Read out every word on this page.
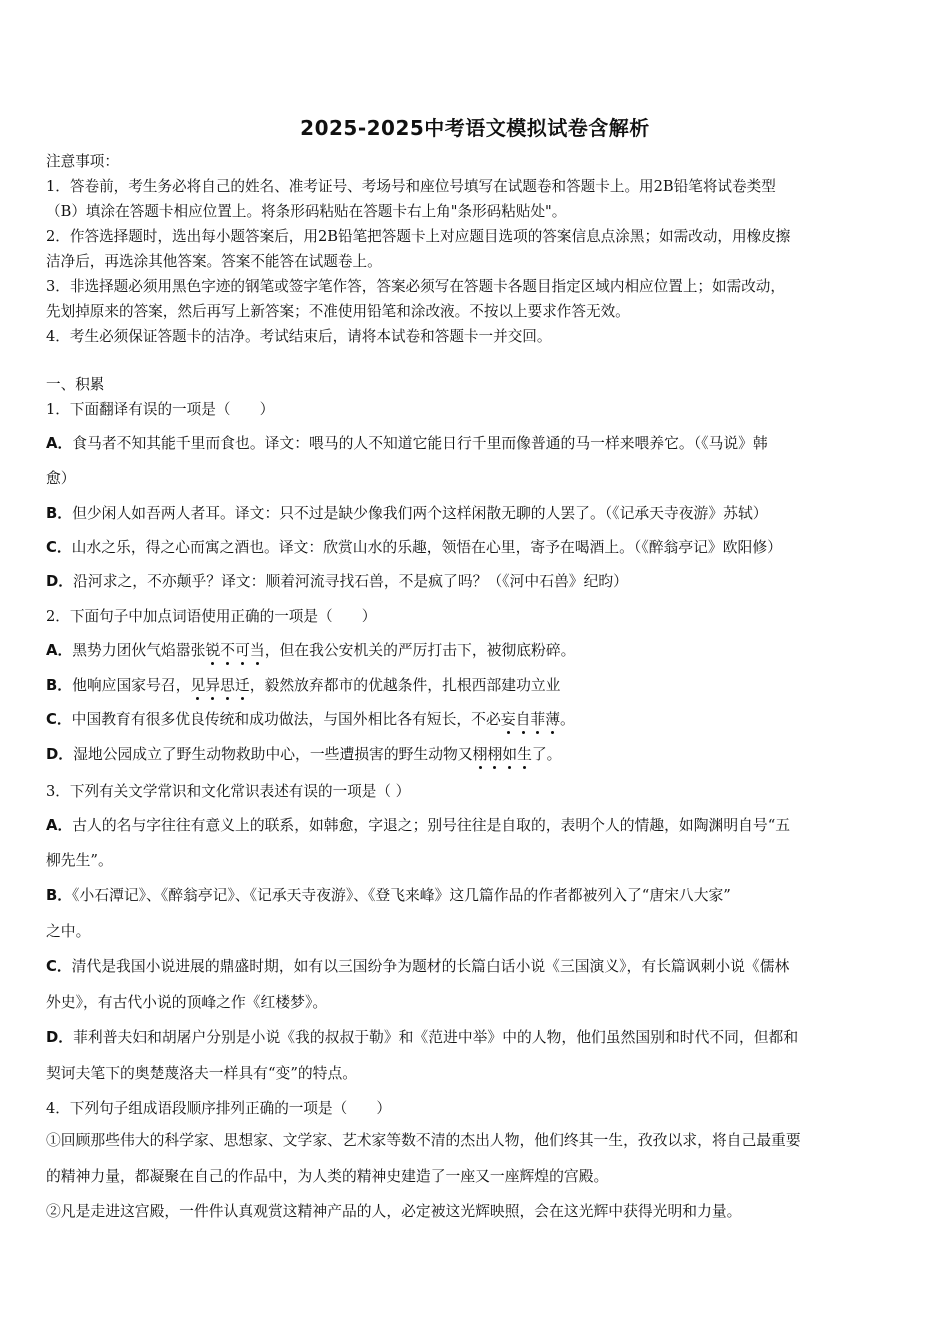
2025-2025中考语文模拟试卷含解析
注意事项：
1．答卷前，考生务必将自己的姓名、准考证号、考场号和座位号填写在试题卷和答题卡上。用2B铅笔将试卷类型
（B）填涂在答题卡相应位置上。将条形码粘贴在答题卡右上角"条形码粘贴处"。
2．作答选择题时，选出每小题答案后，用2B铅笔把答题卡上对应题目选项的答案信息点涂黑；如需改动，用橡皮擦
洁净后，再选涂其他答案。答案不能答在试题卷上。
3．非选择题必须用黑色字迹的钢笔或签字笔作答，答案必须写在答题卡各题目指定区域内相应位置上；如需改动，
先划掉原来的答案，然后再写上新答案；不准使用铅笔和涂改液。不按以上要求作答无效。
4．考生必须保证答题卡的洁净。考试结束后，请将本试卷和答题卡一并交回。
一、积累
1．下面翻译有误的一项是（　　）
A．食马者不知其能千里而食也。译文：喂马的人不知道它能日行千里而像普通的马一样来喂养它。（《马说》韩
愈）
B．但少闲人如吾两人者耳。译文：只不过是缺少像我们两个这样闲散无聊的人罢了。（《记承天寺夜游》苏轼）
C．山水之乐，得之心而寓之酒也。译文：欣赏山水的乐趣，领悟在心里，寄予在喝酒上。（《醉翁亭记》欧阳修）
D．沿河求之，不亦颠乎？译文：顺着河流寻找石兽，不是疯了吗？（《河中石兽》纪昀）
2．下面句子中加点词语使用正确的一项是（　　）
A．黑势力团伙气焰嚣张锐不可当，但在我公安机关的严厉打击下，被彻底粉碎。
B．他响应国家号召，见异思迁，毅然放弃都市的优越条件，扎根西部建功立业
C．中国教育有很多优良传统和成功做法，与国外相比各有短长，不必妄自菲薄。
D．湿地公园成立了野生动物救助中心，一些遭损害的野生动物又栩栩如生了。
3．下列有关文学常识和文化常识表述有误的一项是（ ）
A．古人的名与字往往有意义上的联系，如韩愈，字退之；别号往往是自取的，表明个人的情趣，如陶渊明自号“五
柳先生”。
B．《小石潭记》、《醉翁亭记》、《记承天寺夜游》、《登飞来峰》这几篇作品的作者都被列入了“唐宋八大家”
之中。
C．清代是我国小说进展的鼎盛时期，如有以三国纷争为题材的长篇白话小说《三国演义》，有长篇讽刺小说《儒林
外史》，有古代小说的顶峰之作《红楼梦》。
D．菲利普夫妇和胡屠户分别是小说《我的叔叔于勒》和《范进中举》中的人物，他们虽然国别和时代不同，但都和
契诃夫笔下的奥楚蔑洛夫一样具有“变”的特点。
4．下列句子组成语段顺序排列正确的一项是（　　）
①回顾那些伟大的科学家、思想家、文学家、艺术家等数不清的杰出人物，他们终其一生，孜孜以求，将自己最重要
的精神力量，都凝聚在自己的作品中，为人类的精神史建造了一座又一座辉煌的宫殿。
②凡是走进这宫殿，一件件认真观赏这精神产品的人，必定被这光辉映照，会在这光辉中获得光明和力量。
